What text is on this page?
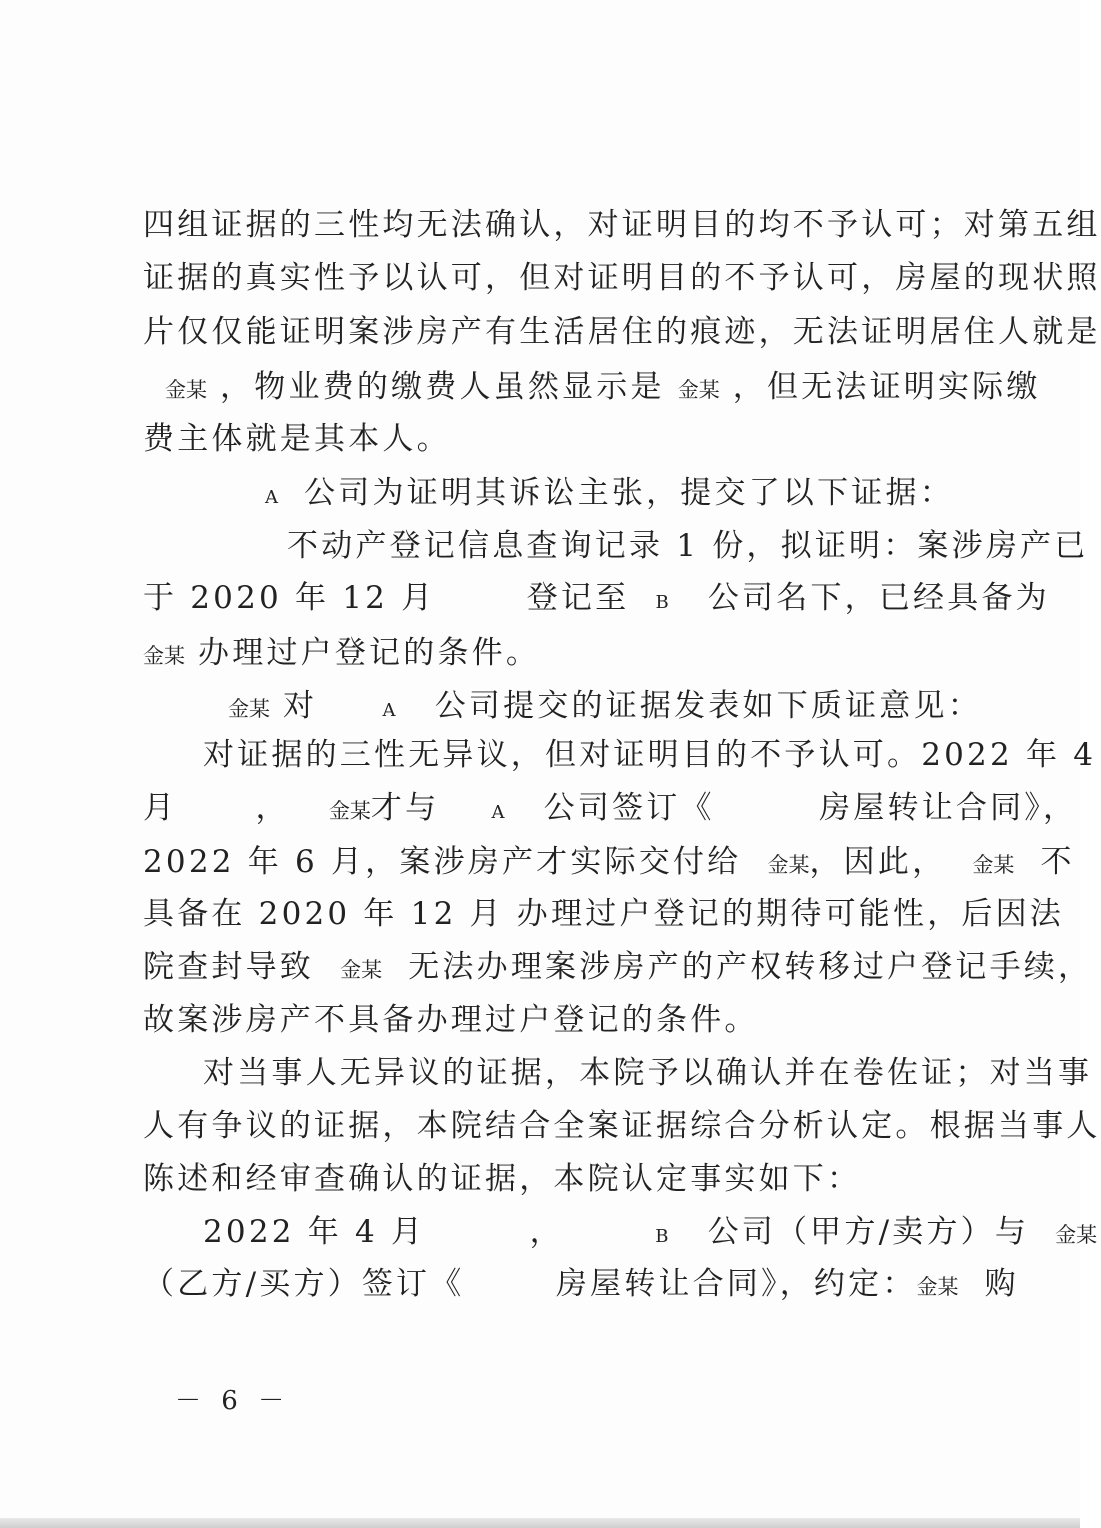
四组证据的三性均无法确认，对证明目的均不予认可；对第五组
证据的真实性予以认可，但对证明目的不予认可，房屋的现状照
片仅仅能证明案涉房产有生活居住的痕迹，无法证明居住人就是
金某 ，物业费的缴费人虽然显示是 金某 ，但无法证明实际缴
费主体就是其本人。
A  公司为证明其诉讼主张，提交了以下证据：
不动产登记信息查询记录 1 份，拟证明：案涉房产已
于 2020 年 12 月       登记至  B   公司名下，已经具备为
金某 办理过户登记的条件。
金某 对     A   公司提交的证据发表如下质证意见：
对证据的三性无异议，但对证明目的不予认可。2022 年 4
月      ，   金某才与    A   公司签订《        房屋转让合同》，
2022 年 6 月，案涉房产才实际交付给  金某，因此，  金某  不
具备在 2020 年 12 月 办理过户登记的期待可能性，后因法
院查封导致  金某  无法办理案涉房产的产权转移过户登记手续，
故案涉房产不具备办理过户登记的条件。
对当事人无异议的证据，本院予以确认并在卷佐证；对当事
人有争议的证据，本院结合全案证据综合分析认定。根据当事人
陈述和经审查确认的证据，本院认定事实如下：
2022 年 4 月        ，       B   公司（甲方/卖方）与  金某
（乙方/买方）签订《       房屋转让合同》，约定：金某  购
－ 6 －
